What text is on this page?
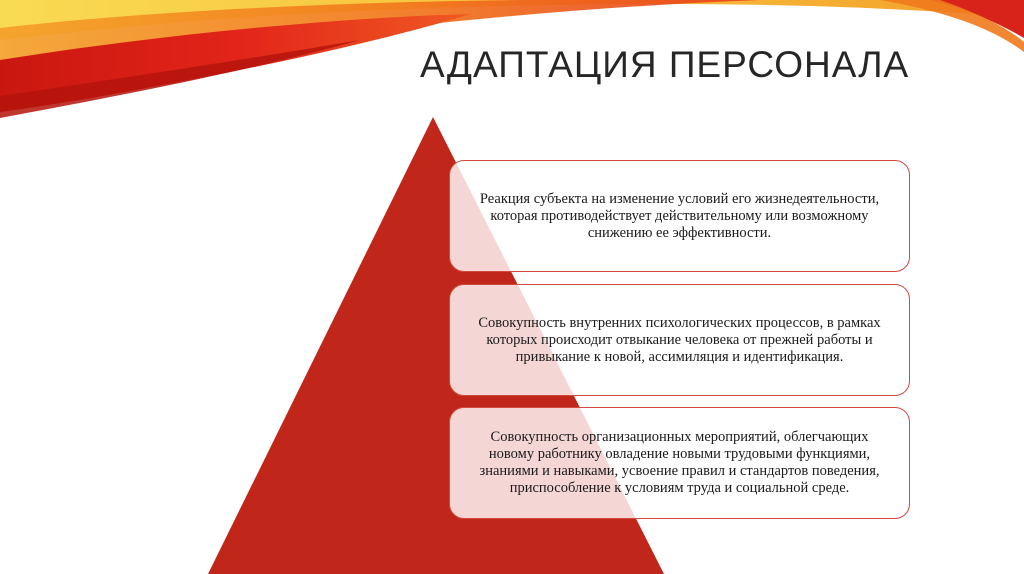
АДАПТАЦИЯ ПЕРСОНАЛА
Реакция субъекта на изменение условий его жизнедеятельности, которая противодействует действительному или возможному снижению ее эффективности.
Совокупность внутренних психологических процессов, в рамках которых происходит отвыкание человека от прежней работы и привыкание к новой, ассимиляция и идентификация.
Совокупность организационных мероприятий, облегчающих новому работнику овладение новыми трудовыми функциями, знаниями и навыками, усвоение правил и стандартов поведения, приспособление к условиям труда и социальной среде.
